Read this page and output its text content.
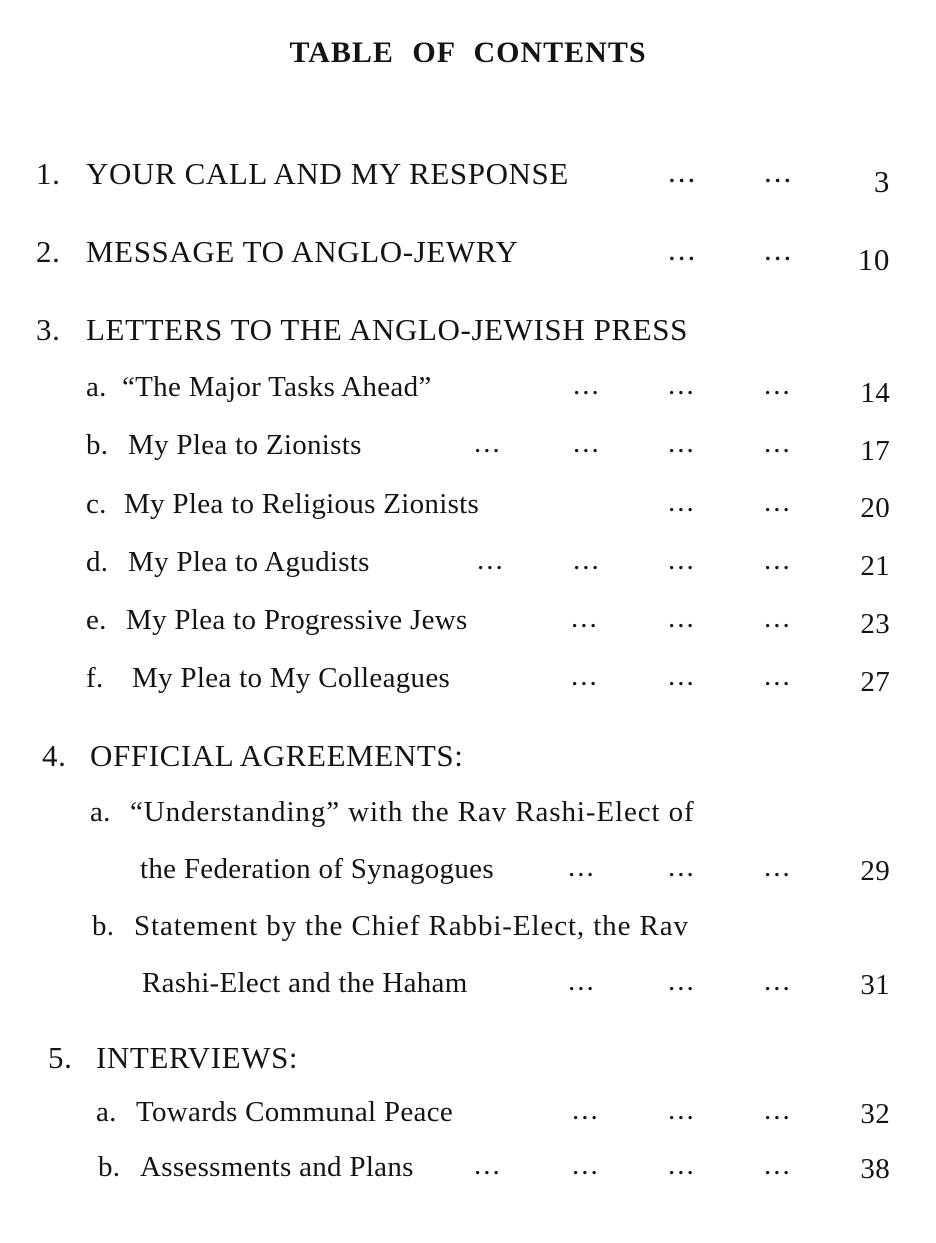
TABLE OF CONTENTS
1. YOUR CALL AND MY RESPONSE	... ...	3
2. MESSAGE TO ANGLO-JEWRY	... ... 10
3. LETTERS TO THE ANGLO-JEWISH PRESS
a. “The Major Tasks Ahead”	... ... ... 14
b. My Plea to Zionists	... ... ... ... 17
c. My Plea to Religious Zionists	... ... 20
d. My Plea to Agudists	... ... ... ... 21
e. My Plea to Progressive Jews	... ... ... 23
f. My Plea to My Colleagues	... ... ... 27
4. OFFICIAL AGREEMENTS:
a. “Understanding” with the Rav Rashi-Elect of
the Federation of Synagogues	... ... ... 29
b. Statement by the Chief Rabbi-Elect, the Rav
Rashi-Elect and the Haham	... ... ... 31
5. INTERVIEWS:
a. Towards Communal Peace	... ... ... 32
b. Assessments and Plans ... ... ... ... 38
